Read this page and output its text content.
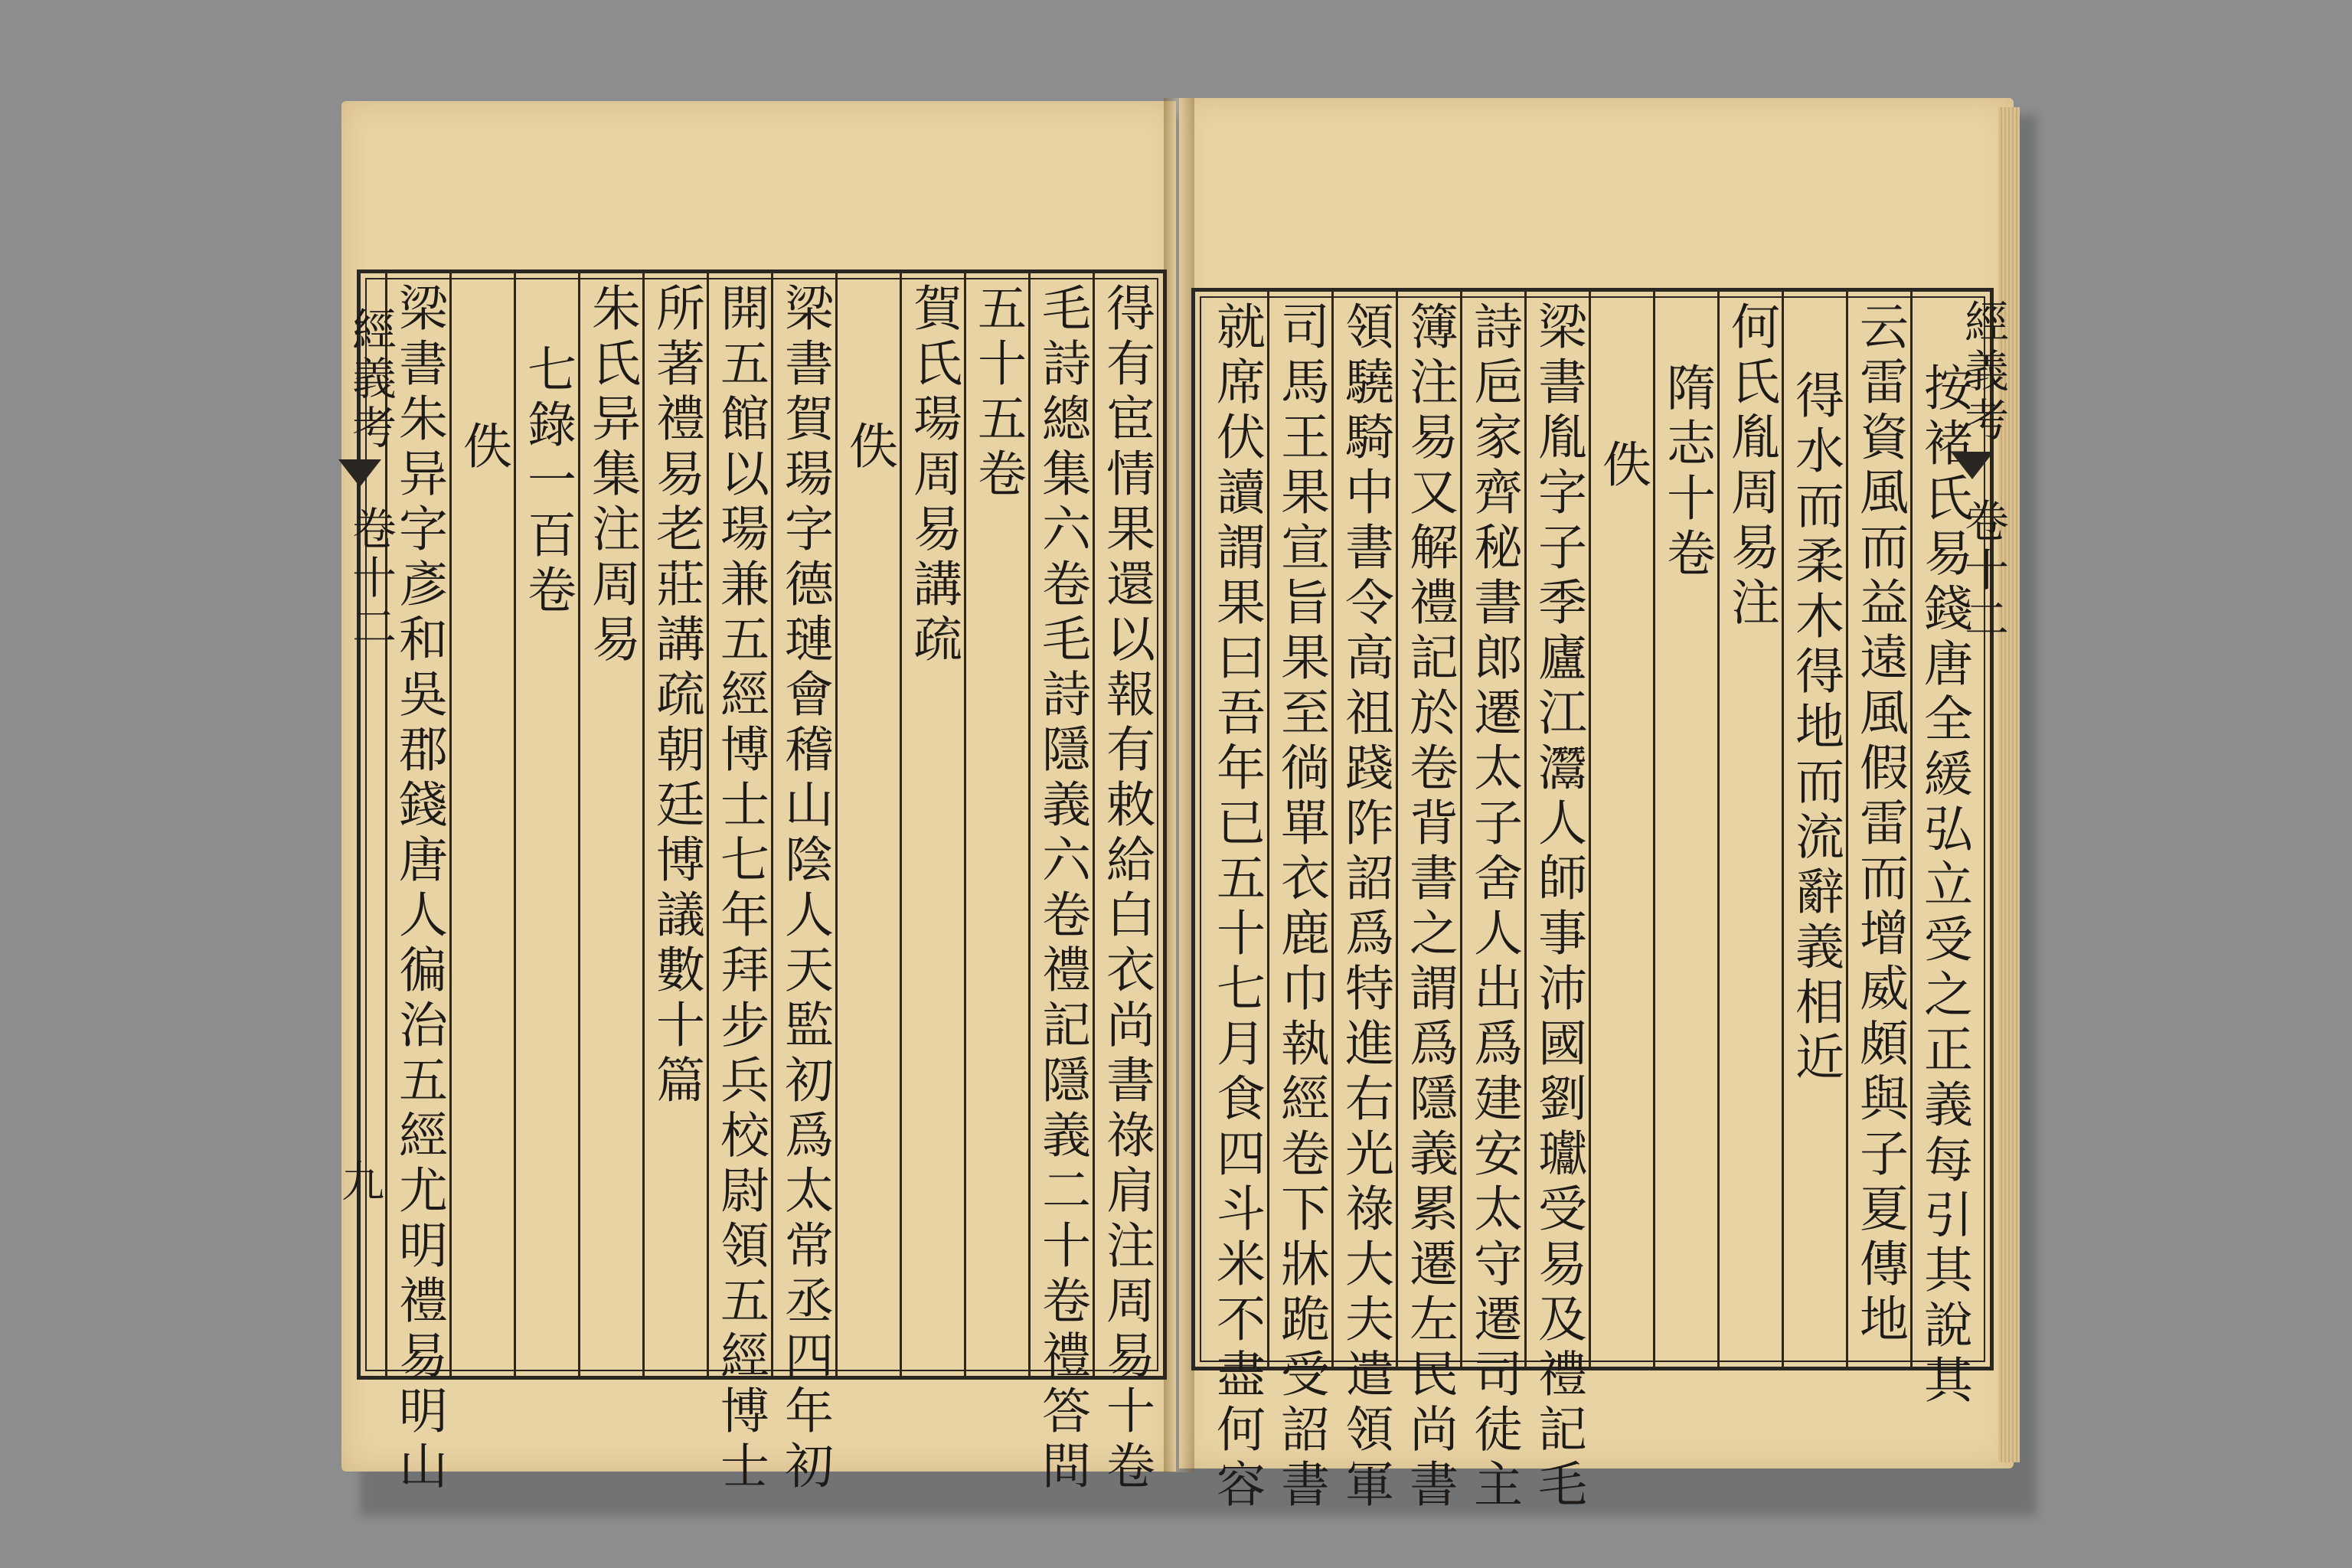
得有宦情果還以報有敕給白衣尚書祿肩注周易十卷
毛詩總集六卷毛詩隱義六卷禮記隱義二十卷禮答問
五十五卷
賀氏瑒周易講疏
佚
梁書賀瑒字德璉會稽山陰人天監初爲太常丞四年初
開五館以瑒兼五經博士七年拜步兵校尉領五經博士
所著禮易老莊講疏朝廷博議數十篇
朱氏异集注周易
七錄一百卷
佚
梁書朱异字彥和吳郡錢唐人徧治五經尤明禮易明山
經義考
卷十二
九	按褚氏易錢唐全緩弘立受之正義每引其說其
云雷資風而益遠風假雷而增威頗與子夏傳地
得水而柔木得地而流辭義相近
何氏胤周易注
隋志十卷
佚
梁書胤字子季廬江灊人師事沛國劉瓛受易及禮記毛
詩巵家齊秘書郎遷太子舍人出爲建安太守遷司徒主
簿注易又解禮記於卷背書之謂爲隱義累遷左民尚書
領驍騎中書令高祖踐阼詔爲特進右光祿大夫遣領軍
司馬王果宣旨果至徜單衣鹿巾執經卷下牀跪受詔書
就席伏讀謂果曰吾年已五十七月食四斗米不盡何容	經義考
卷十二
